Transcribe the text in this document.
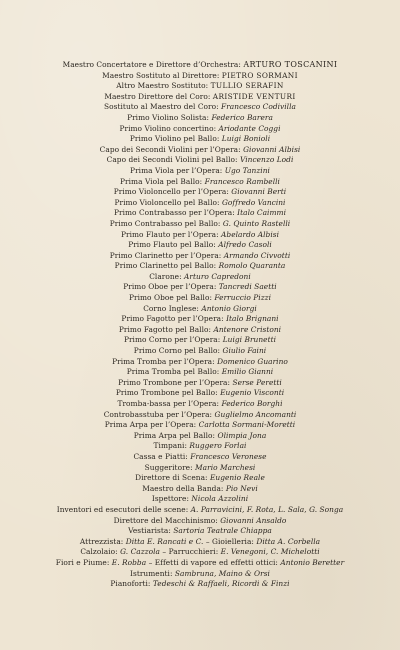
Maestro Concertatore e Direttore d’Orchestra: ARTURO TOSCANINI
Maestro Sostituto al Direttore: PIETRO SORMANI
Altro Maestro Sostituto: TULLIO SERAFIN
Maestro Direttore del Coro: ARISTIDE VENTURI
Sostituto al Maestro del Coro: Francesco Codivilla
Primo Violino Solista: Federico Barera
Primo Violino concertino: Ariodante Coggi
Primo Violino pel Ballo: Luigi Bonioli
Capo dei Secondi Violini per l’Opera: Giovanni Albisi
Capo dei Secondi Violini pel Ballo: Vincenzo Lodi
Prima Viola per l’Opera: Ugo Tanzini
Prima Viola pel Ballo: Francesco Rambelli
Primo Violoncello per l’Opera: Giovanni Berti
Primo Violoncello pel Ballo: Goffredo Vancini
Primo Contrabasso per l’Opera: Italo Caimmi
Primo Contrabasso pel Ballo: G. Quinto Rastelli
Primo Flauto per l’Opera: Abelardo Albisi
Primo Flauto pel Ballo: Alfredo Casoli
Primo Clarinetto per l’Opera: Armando Civvotti
Primo Clarinetto pel Ballo: Romolo Quaranta
Clarone: Arturo Capredoni
Primo Oboe per l’Opera: Tancredi Saetti
Primo Oboe pel Ballo: Ferruccio Pizzi
Corno Inglese: Antonio Giorgi
Primo Fagotto per l’Opera: Italo Brignani
Primo Fagotto pel Ballo: Antenore Cristoni
Primo Corno per l’Opera: Luigi Brunetti
Primo Corno pel Ballo: Giulio Faini
Prima Tromba per l’Opera: Domenico Guarino
Prima Tromba pel Ballo: Emilio Gianni
Primo Trombone per l’Opera: Serse Peretti
Primo Trombone pel Ballo: Eugenio Visconti
Tromba-bassa per l’Opera: Federico Borghi
Controbasstuba per l’Opera: Guglielmo Ancomanti
Prima Arpa per l’Opera: Carlotta Sormani-Moretti
Prima Arpa pel Ballo: Olimpia Jona
Timpani: Ruggero Forlai
Cassa e Piatti: Francesco Veronese
Suggeritore: Mario Marchesi
Direttore di Scena: Eugenio Reale
Maestro della Banda: Pio Nevi
Ispettore: Nicola Azzolini
Inventori ed esecutori delle scene: A. Parravicini, F. Rota, L. Sala, G. Songa
Direttore del Macchinismo: Giovanni Ansaldo
Vestiarista: Sartoria Teatrale Chiappa
Attrezzista: Ditta E. Rancati e C. – Gioielleria: Ditta A. Corbella
Calzolaio: G. Cazzola – Parrucchieri: E. Venegoni, C. Michelotti
Fiori e Piume: E. Robba – Effetti di vapore ed effetti ottici: Antonio Beretter
Istrumenti: Sambruna, Maino & Orsi
Pianoforti: Tedeschi & Raffaeli, Ricordi & Finzi
